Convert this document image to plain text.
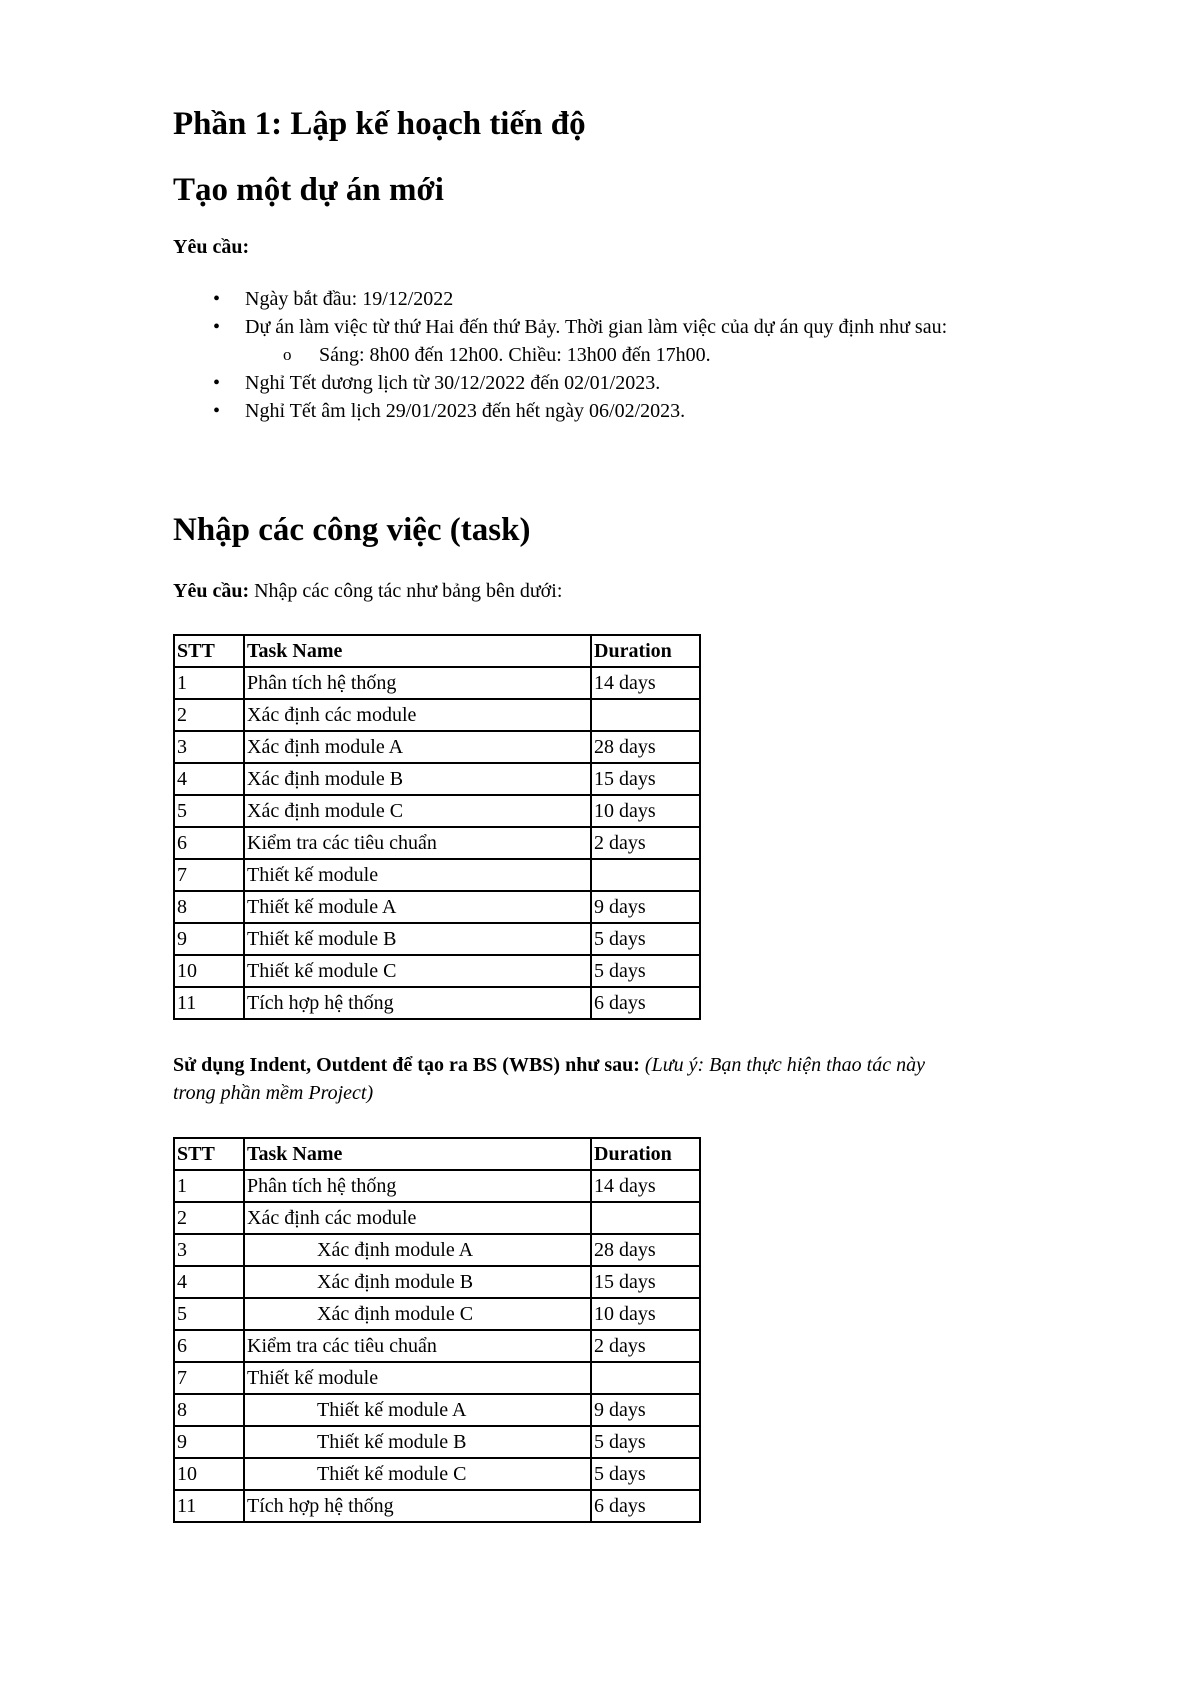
Phần 1: Lập kế hoạch tiến độ
Tạo một dự án mới

Yêu cầu:

• Ngày bắt đầu: 19/12/2022
• Dự án làm việc từ thứ Hai đến thứ Bảy. Thời gian làm việc của dự án quy định như sau:
o Sáng: 8h00 đến 12h00. Chiều: 13h00 đến 17h00.
• Nghỉ Tết dương lịch từ 30/12/2022 đến 02/01/2023.
• Nghỉ Tết âm lịch 29/01/2023 đến hết ngày 06/02/2023.
Nhập các công việc (task)

Yêu cầu: Nhập các công tác như bảng bên dưới:

STT	Task Name	Duration
1	Phân tích hệ thống	14 days
2	Xác định các module	
3	Xác định module A	28 days
4	Xác định module B	15 days
5	Xác định module C	10 days
6	Kiểm tra các tiêu chuẩn	2 days
7	Thiết kế module	
8	Thiết kế module A	9 days
9	Thiết kế module B	5 days
10	Thiết kế module C	5 days
11	Tích hợp hệ thống	6 days

Sử dụng Indent, Outdent để tạo ra BS (WBS) như sau: (Lưu ý: Bạn thực hiện thao tác này

trong phần mềm Project)

STT	Task Name	Duration
1	Phân tích hệ thống	14 days
2	Xác định các module	
3	Xác định module A	28 days
4	Xác định module B	15 days
5	Xác định module C	10 days
6	Kiểm tra các tiêu chuẩn	2 days
7	Thiết kế module	
8	Thiết kế module A	9 days
9	Thiết kế module B	5 days
10	Thiết kế module C	5 days
11	Tích hợp hệ thống	6 days
